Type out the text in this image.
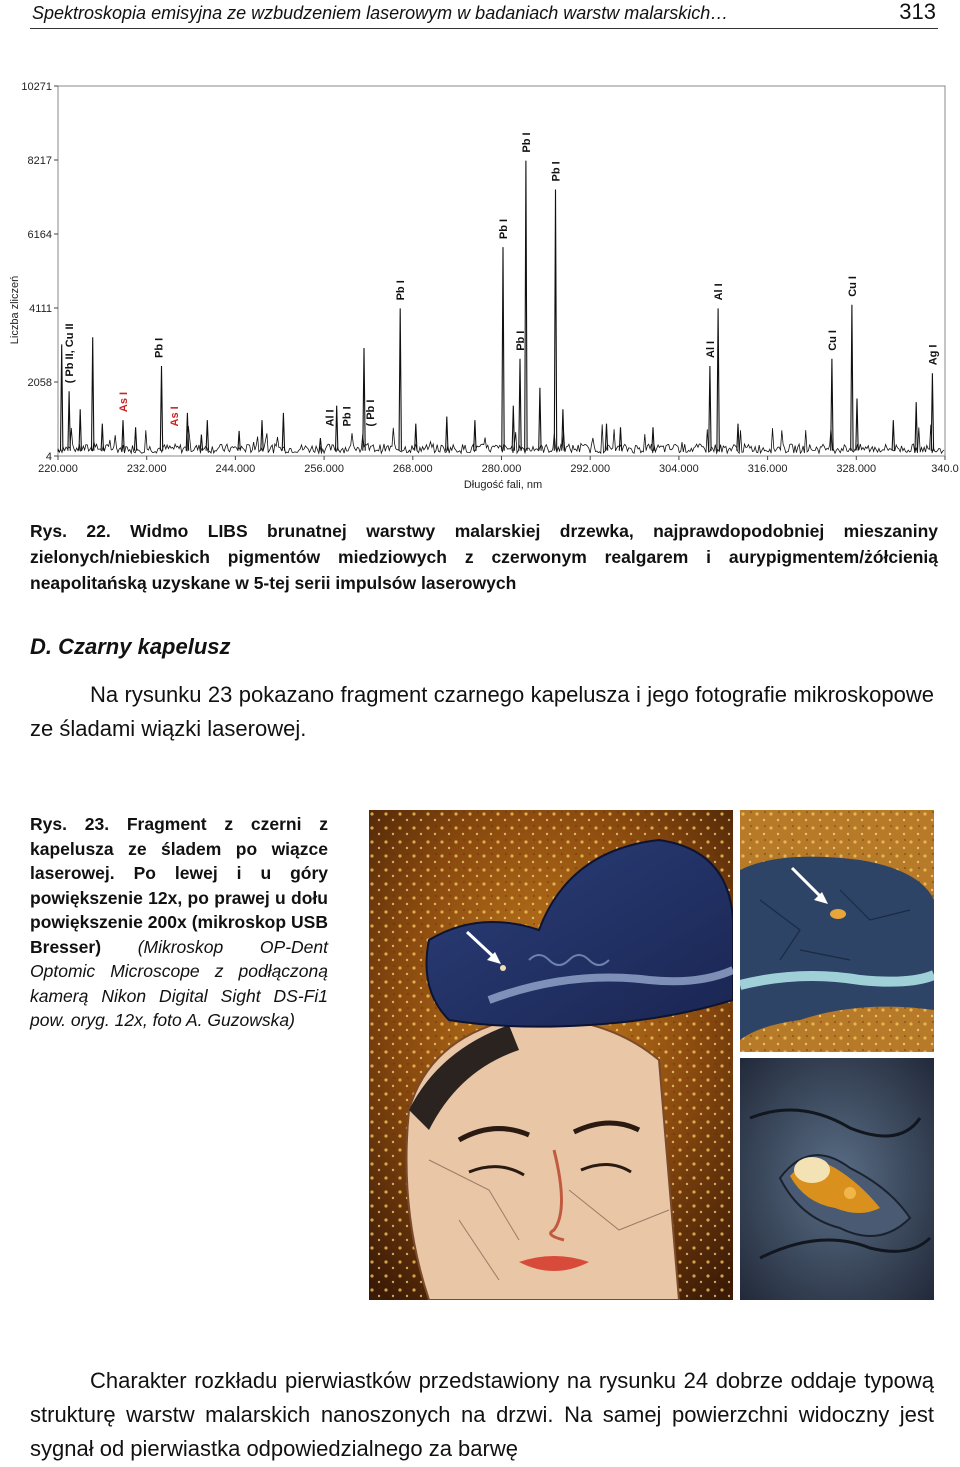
Spektroskopia emisyjna ze wzbudzeniem laserowym w badaniach warstw malarskich…	313
Liczba zliczeń
Długość fali, nm
10271
8217
6164
4111
2058
4
220.000	232.000	244.000	256.000	268.000	280.000	292.000	304.000	316.000	328.000	340.0
( Pb II, Cu II
As I
Pb I
As I	Al I Pb I ( Pb I
Pb I
Pb I
Pb I
Pb I
Pb I
Al I
Al I
Cu I
Cu I
Ag I
Rys. 22. Widmo LIBS brunatnej warstwy malarskiej drzewka, najprawdopodobniej mieszaniny zielonych/niebieskich pigmentów miedziowych z czerwonym realgarem i aurypigmentem/żółcienią neapolitańską uzyskane w 5-tej serii impulsów laserowych
D. Czarny kapelusz
Na rysunku 23 pokazano fragment czarnego kapelusza i jego fotografie mikroskopowe ze śladami wiązki laserowej.
Rys. 23. Fragment z czerni z kapelusza ze śladem po wiązce laserowej. Po lewej i u góry powiększenie 12x, po prawej u dołu powiększenie 200x (mikroskop USB Bresser) (Mikroskop OP-Dent Optomic Microscope z podłączoną kamerą Nikon Digital Sight DS-Fi1 pow. oryg. 12x, foto A. Guzowska)
Charakter rozkładu pierwiastków przedstawiony na rysunku 24 dobrze oddaje typową strukturę warstw malarskich nanoszonych na drzwi. Na samej powierzchni widoczny jest sygnał od pierwiastka odpowiedzialnego za barwę
